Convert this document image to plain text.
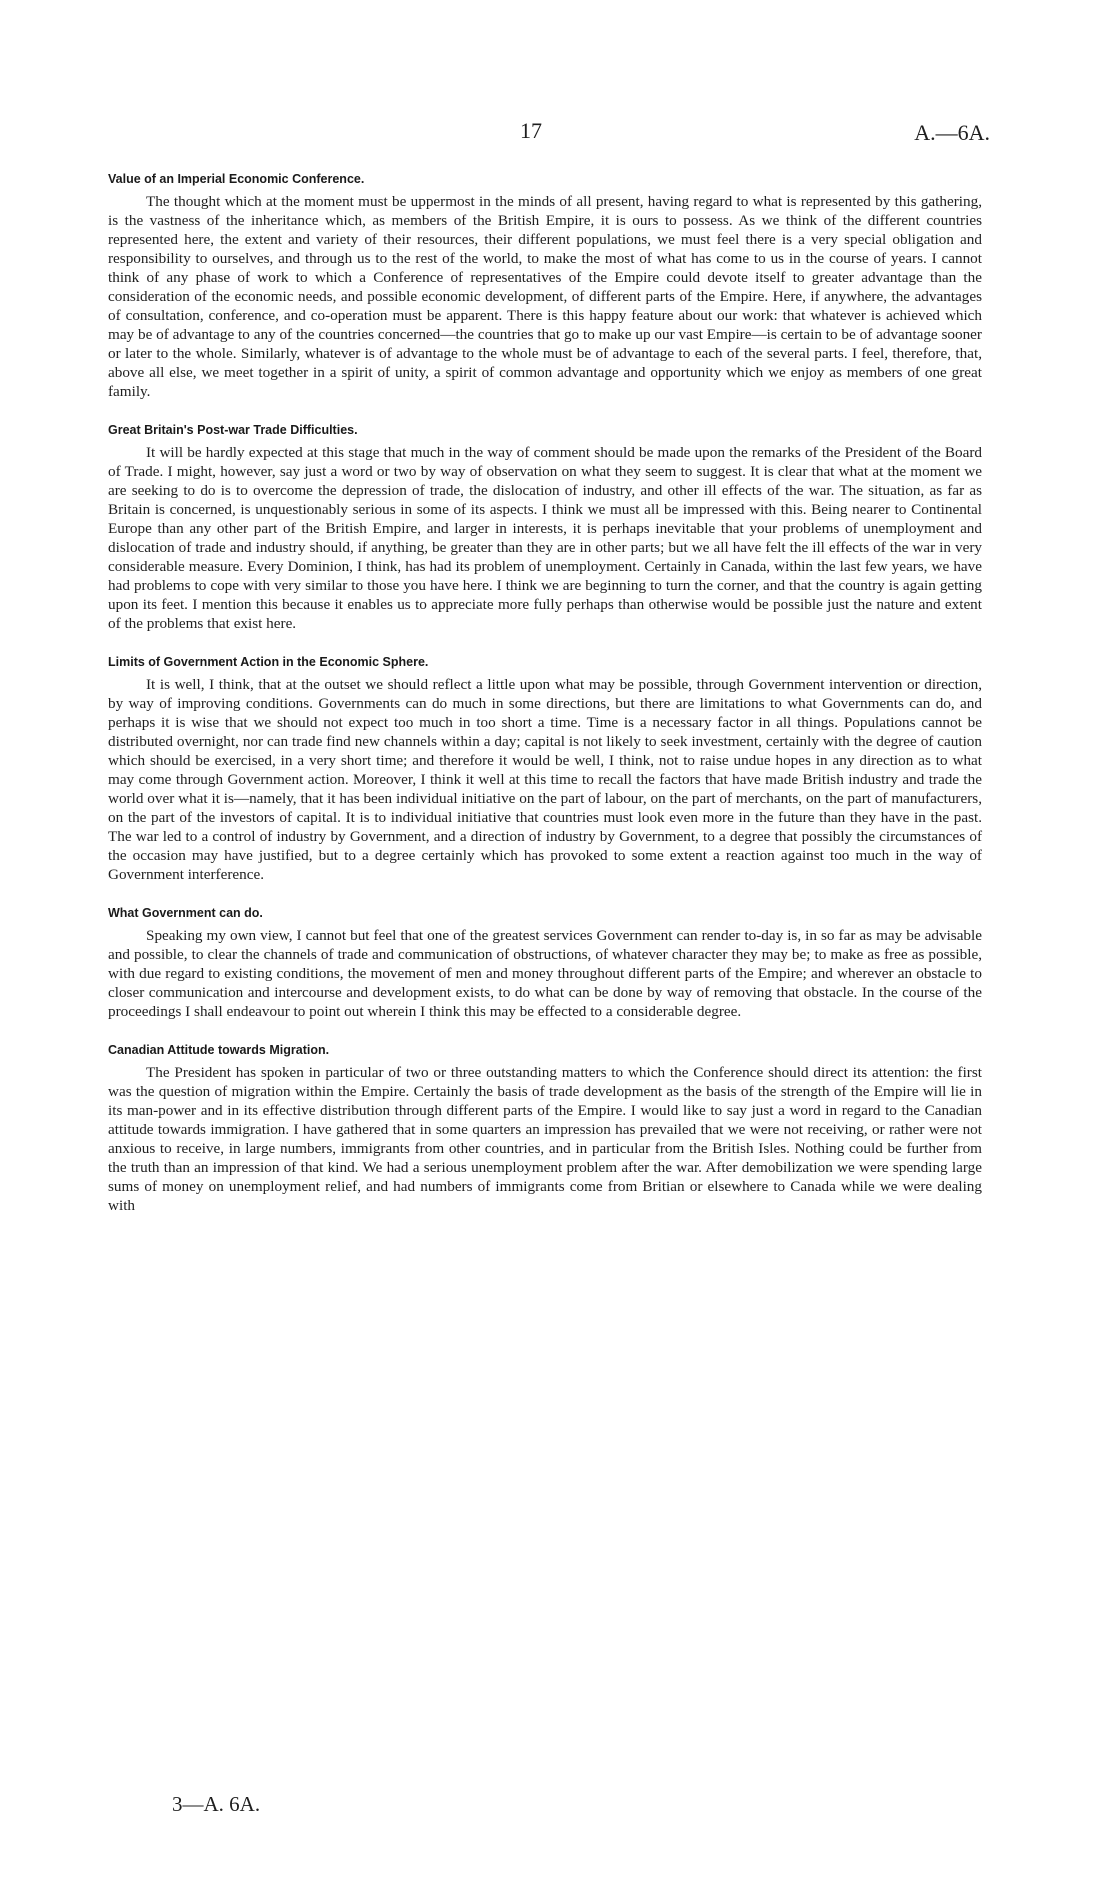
17	A.—6A.
Value of an Imperial Economic Conference.

The thought which at the moment must be uppermost in the minds of all present, having regard to what is represented by this gathering, is the vastness of the inheritance which, as members of the British Empire, it is ours to possess. As we think of the different countries represented here, the extent and variety of their resources, their different populations, we must feel there is a very special obligation and responsibility to ourselves, and through us to the rest of the world, to make the most of what has come to us in the course of years. I cannot think of any phase of work to which a Conference of representatives of the Empire could devote itself to greater advantage than the consideration of the economic needs, and possible economic development, of different parts of the Empire. Here, if anywhere, the advantages of consultation, conference, and co-operation must be apparent. There is this happy feature about our work: that whatever is achieved which may be of advantage to any of the countries concerned—the countries that go to make up our vast Empire—is certain to be of advantage sooner or later to the whole. Similarly, whatever is of advantage to the whole must be of advantage to each of the several parts. I feel, therefore, that, above all else, we meet together in a spirit of unity, a spirit of common advantage and opportunity which we enjoy as members of one great family.

Great Britain's Post-war Trade Difficulties.

It will be hardly expected at this stage that much in the way of comment should be made upon the remarks of the President of the Board of Trade. I might, however, say just a word or two by way of observation on what they seem to suggest. It is clear that what at the moment we are seeking to do is to overcome the depression of trade, the dislocation of industry, and other ill effects of the war. The situation, as far as Britain is concerned, is unquestionably serious in some of its aspects. I think we must all be impressed with this. Being nearer to Continental Europe than any other part of the British Empire, and larger in interests, it is perhaps inevitable that your problems of unemployment and dislocation of trade and industry should, if anything, be greater than they are in other parts; but we all have felt the ill effects of the war in very considerable measure. Every Dominion, I think, has had its problem of unemployment. Certainly in Canada, within the last few years, we have had problems to cope with very similar to those you have here. I think we are beginning to turn the corner, and that the country is again getting upon its feet. I mention this because it enables us to appreciate more fully perhaps than otherwise would be possible just the nature and extent of the problems that exist here.

Limits of Government Action in the Economic Sphere.

It is well, I think, that at the outset we should reflect a little upon what may be possible, through Government intervention or direction, by way of improving conditions. Governments can do much in some directions, but there are limitations to what Governments can do, and perhaps it is wise that we should not expect too much in too short a time. Time is a necessary factor in all things. Populations cannot be distributed overnight, nor can trade find new channels within a day; capital is not likely to seek investment, certainly with the degree of caution which should be exercised, in a very short time; and therefore it would be well, I think, not to raise undue hopes in any direction as to what may come through Government action. Moreover, I think it well at this time to recall the factors that have made British industry and trade the world over what it is—namely, that it has been individual initiative on the part of labour, on the part of merchants, on the part of manufacturers, on the part of the investors of capital. It is to individual initiative that countries must look even more in the future than they have in the past. The war led to a control of industry by Government, and a direction of industry by Government, to a degree that possibly the circumstances of the occasion may have justified, but to a degree certainly which has provoked to some extent a reaction against too much in the way of Government interference.

What Government can do.

Speaking my own view, I cannot but feel that one of the greatest services Government can render to-day is, in so far as may be advisable and possible, to clear the channels of trade and communication of obstructions, of whatever character they may be; to make as free as possible, with due regard to existing conditions, the movement of men and money throughout different parts of the Empire; and wherever an obstacle to closer communication and intercourse and development exists, to do what can be done by way of removing that obstacle. In the course of the proceedings I shall endeavour to point out wherein I think this may be effected to a considerable degree.

Canadian Attitude towards Migration.

The President has spoken in particular of two or three outstanding matters to which the Conference should direct its attention: the first was the question of migration within the Empire. Certainly the basis of trade development as the basis of the strength of the Empire will lie in its man-power and in its effective distribution through different parts of the Empire. I would like to say just a word in regard to the Canadian attitude towards immigration. I have gathered that in some quarters an impression has prevailed that we were not receiving, or rather were not anxious to receive, in large numbers, immigrants from other countries, and in particular from the British Isles. Nothing could be further from the truth than an impression of that kind. We had a serious unemployment problem after the war. After demobilization we were spending large sums of money on unemployment relief, and had numbers of immigrants come from Britian or elsewhere to Canada while we were dealing with

3—A. 6A.
